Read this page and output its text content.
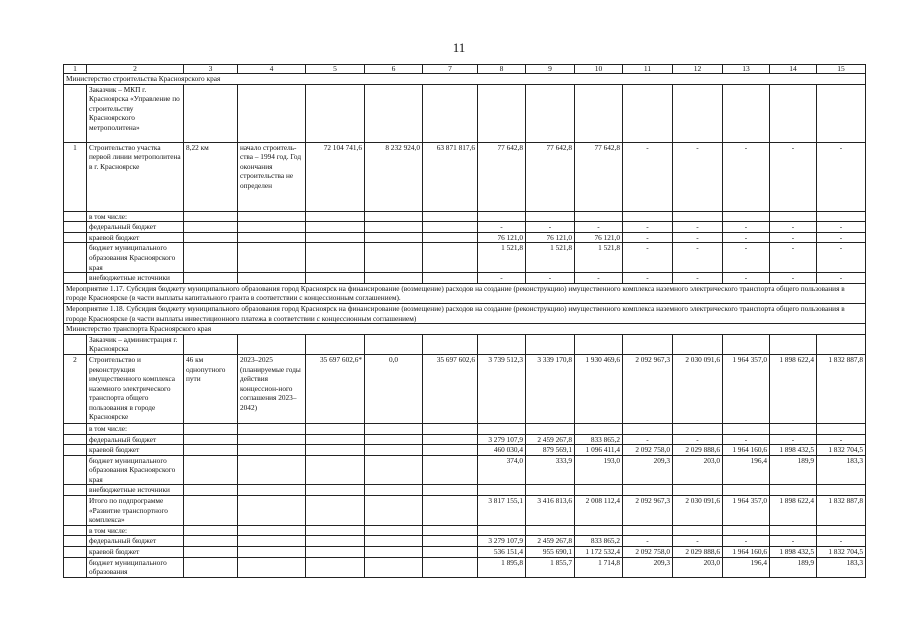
11
1	2	3	4	5	6	7	8	9	10	11	12	13	14	15
Министерство строительства Красноярского края														
	Заказчик – МКП г. Красноярска «Управление по строительству Красноярского метрополитена»													
1	Строительство участка первой линии метрополитена в г. Красноярске	8,22 км	начало строитель-ства – 1994 год. Год окончания строительства не определен	72 104 741,6	8 232 924,0	63 871 817,6	77 642,8	77 642,8	77 642,8	-	-	-	-	-
	в том числе:													
	федеральный бюджет						-	-	-	-	-	-	-	-
	краевой бюджет						76 121,0	76 121,0	76 121,0	-	-	-	-	-
	бюджет муниципального образования Красноярского края						1 521,8	1 521,8	1 521,8	-	-	-	-	-
	внебюджетные источники						-	-	-	-	-	-	-	-
Мероприятие 1.17. Субсидия бюджету муниципального образования город Красноярск на финансирование (возмещение) расходов на создание (реконструкцию) имущественного комплекса наземного электрического транспорта общего пользования в городе Красноярске (в части выплаты капитального гранта в соответствии с концессионным соглашением).														
Мероприятие 1.18. Субсидия бюджету муниципального образования город Красноярск на финансирование (возмещение) расходов на создание (реконструкцию) имущественного комплекса наземного электрического транспорта общего пользования в городе Красноярске (в части выплаты инвестиционного платежа в соответствии с концессионным соглашением)														
Министерство транспорта Красноярского края														
	Заказчик – администрация г. Красноярска													
2	Строительство и реконструкция имущественного комплекса наземного электрического транспорта общего пользования в городе Красноярске	46 км однопутного пути	2023–2025 (планируемые годы действия концессион-ного соглашения 2023–2042)	35 697 602,6*	0,0	35 697 602,6	3 739 512,3	3 339 170,8	1 930 469,6	2 092 967,3	2 030 091,6	1 964 357,0	1 898 622,4	1 832 887,8
	в том числе:													
	федеральный бюджет						3 279 107,9	2 459 267,8	833 865,2	-	-	-	-	-
	краевой бюджет						460 030,4	879 569,1	1 096 411,4	2 092 758,0	2 029 888,6	1 964 160,6	1 898 432,5	1 832 704,5
	бюджет муниципального образования Красноярского края						374,0	333,9	193,0	209,3	203,0	196,4	189,9	183,3
	внебюджетные источники													
	Итого по подпрограмме «Развитие транспортного комплекса»						3 817 155,1	3 416 813,6	2 008 112,4	2 092 967,3	2 030 091,6	1 964 357,0	1 898 622,4	1 832 887,8
	в том числе:													
	федеральный бюджет						3 279 107,9	2 459 267,8	833 865,2	-	-	-	-	-
	краевой бюджет						536 151,4	955 690,1	1 172 532,4	2 092 758,0	2 029 888,6	1 964 160,6	1 898 432,5	1 832 704,5
	бюджет муниципального образования						1 895,8	1 855,7	1 714,8	209,3	203,0	196,4	189,9	183,3
